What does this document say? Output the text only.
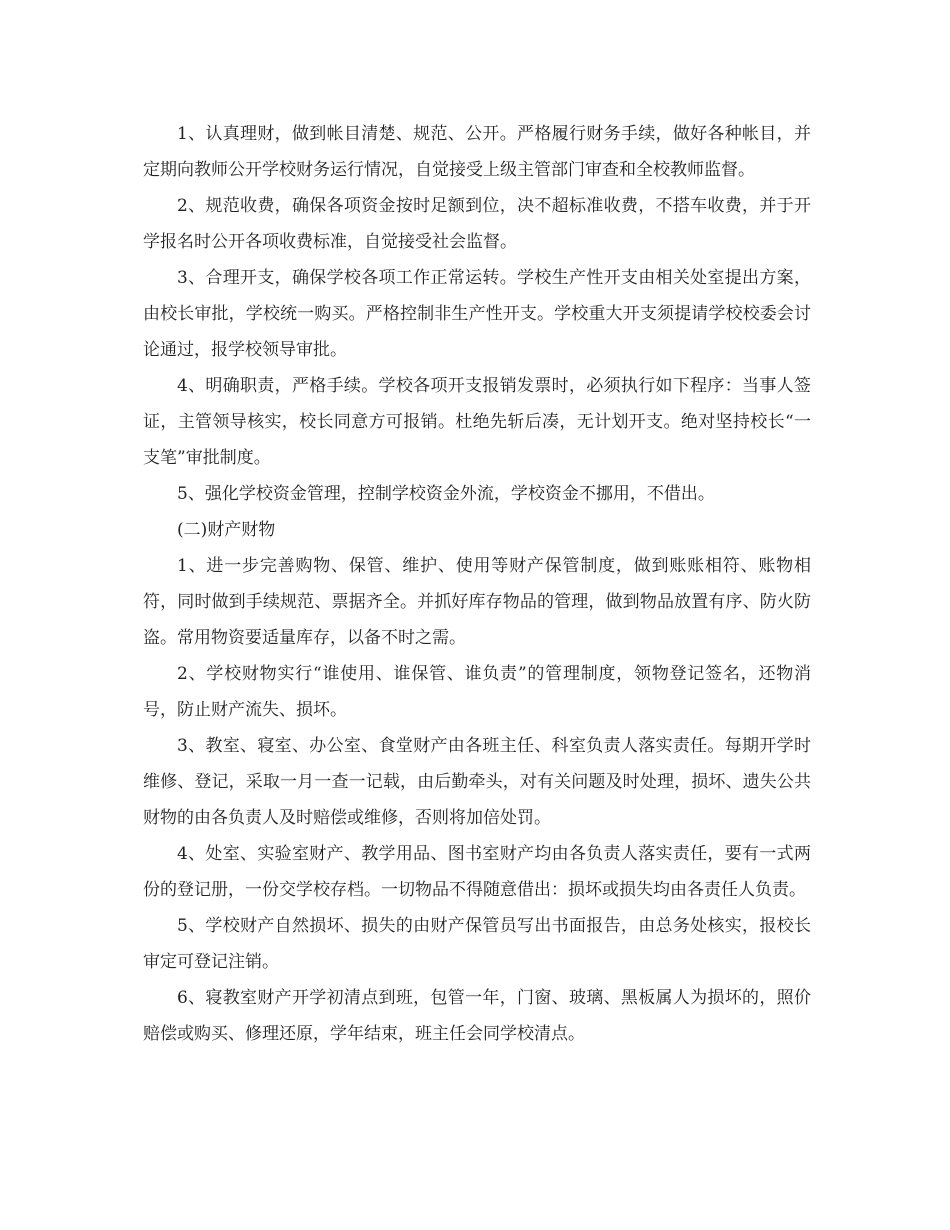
1、认真理财，做到帐目清楚、规范、公开。严格履行财务手续，做好各种帐目，并定期向教师公开学校财务运行情况，自觉接受上级主管部门审查和全校教师监督。

2、规范收费，确保各项资金按时足额到位，决不超标准收费，不搭车收费，并于开学报名时公开各项收费标准，自觉接受社会监督。

3、合理开支，确保学校各项工作正常运转。学校生产性开支由相关处室提出方案，由校长审批，学校统一购买。严格控制非生产性开支。学校重大开支须提请学校校委会讨论通过，报学校领导审批。

4、明确职责，严格手续。学校各项开支报销发票时，必须执行如下程序：当事人签证，主管领导核实，校长同意方可报销。杜绝先斩后凑，无计划开支。绝对坚持校长“一支笔”审批制度。

5、强化学校资金管理，控制学校资金外流，学校资金不挪用，不借出。

(二)财产财物

1、进一步完善购物、保管、维护、使用等财产保管制度，做到账账相符、账物相符，同时做到手续规范、票据齐全。并抓好库存物品的管理，做到物品放置有序、防火防盗。常用物资要适量库存，以备不时之需。

2、学校财物实行“谁使用、谁保管、谁负责”的管理制度，领物登记签名，还物消号，防止财产流失、损坏。

3、教室、寝室、办公室、食堂财产由各班主任、科室负责人落实责任。每期开学时维修、登记，采取一月一查一记载，由后勤牵头，对有关问题及时处理，损坏、遗失公共财物的由各负责人及时赔偿或维修，否则将加倍处罚。

4、处室、实验室财产、教学用品、图书室财产均由各负责人落实责任，要有一式两份的登记册，一份交学校存档。一切物品不得随意借出：损坏或损失均由各责任人负责。

5、学校财产自然损坏、损失的由财产保管员写出书面报告，由总务处核实，报校长审定可登记注销。

6、寝教室财产开学初清点到班，包管一年，门窗、玻璃、黑板属人为损坏的，照价赔偿或购买、修理还原，学年结束，班主任会同学校清点。
